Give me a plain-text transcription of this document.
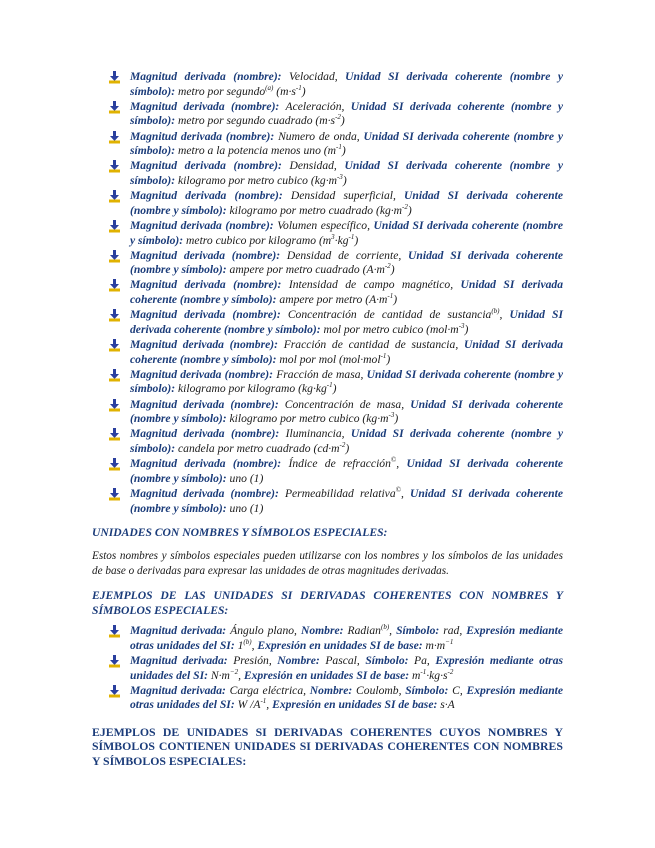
Magnitud derivada (nombre): Velocidad, Unidad SI derivada coherente (nombre y símbolo): metro por segundo$^{(a)}$ $(m\cdot s^{-1})$
Magnitud derivada (nombre): Aceleración, Unidad SI derivada coherente (nombre y símbolo): metro por segundo cuadrado $(m\cdot s^{-2})$
Magnitud derivada (nombre): Numero de onda, Unidad SI derivada coherente (nombre y símbolo): metro a la potencia menos uno $(m^{-1})$
Magnitud derivada (nombre): Densidad, Unidad SI derivada coherente (nombre y símbolo): kilogramo por metro cubico $(kg\cdot m^{-3})$
Magnitud derivada (nombre): Densidad superficial, Unidad SI derivada coherente (nombre y símbolo): kilogramo por metro cuadrado $(kg\cdot m^{-2})$
Magnitud derivada (nombre): Volumen específico, Unidad SI derivada coherente (nombre y símbolo): metro cubico por kilogramo $(m^3\cdot kg^{-1})$
Magnitud derivada (nombre): Densidad de corriente, Unidad SI derivada coherente (nombre y símbolo): ampere por metro cuadrado $(A\cdot m^{-2})$
Magnitud derivada (nombre): Intensidad de campo magnético, Unidad SI derivada coherente (nombre y símbolo): ampere por metro $(A\cdot m^{-1})$
Magnitud derivada (nombre): Concentración de cantidad de sustancia$^{(b)}$, Unidad SI derivada coherente (nombre y símbolo): mol por metro cubico $(mol\cdot m^{-3})$
Magnitud derivada (nombre): Fracción de cantidad de sustancia, Unidad SI derivada coherente (nombre y símbolo): mol por mol (mol·mol$^{-1}$)
Magnitud derivada (nombre): Fracción de masa, Unidad SI derivada coherente (nombre y símbolo): kilogramo por kilogramo $(kg\cdot kg^{-1})$
Magnitud derivada (nombre): Concentración de masa, Unidad SI derivada coherente (nombre y símbolo): kilogramo por metro cubico $(kg\cdot m^{-3})$
Magnitud derivada (nombre): Iluminancia, Unidad SI derivada coherente (nombre y símbolo): candela por metro cuadrado $(cd\cdot m^{-2})$
Magnitud derivada (nombre): Índice de refracción©, Unidad SI derivada coherente (nombre y símbolo): uno (1)
Magnitud derivada (nombre): Permeabilidad relativa©, Unidad SI derivada coherente (nombre y símbolo): uno (1)
UNIDADES CON NOMBRES Y SÍMBOLOS ESPECIALES:
Estos nombres y símbolos especiales pueden utilizarse con los nombres y los símbolos de las unidades de base o derivadas para expresar las unidades de otras magnitudes derivadas.
EJEMPLOS DE LAS UNIDADES SI DERIVADAS COHERENTES CON NOMBRES Y SÍMBOLOS ESPECIALES:
Magnitud derivada: Ángulo plano, Nombre: Radian$^{(b)}$, Símbolo: rad, Expresión mediante otras unidades del SI: 1$^{(b)}$, Expresión en unidades SI de base: $m\cdot m^{-1}$
Magnitud derivada: Presión, Nombre: Pascal, Símbolo: Pa, Expresión mediante otras unidades del SI: $N\cdot m^{-2}$, Expresión en unidades SI de base: $m^{-1}\cdot kg\cdot s^{-2}$
Magnitud derivada: Carga eléctrica, Nombre: Coulomb, Símbolo: C, Expresión mediante otras unidades del SI: W $/A^{-1}$, Expresión en unidades SI de base: s·A
EJEMPLOS DE UNIDADES SI DERIVADAS COHERENTES CUYOS NOMBRES Y SÍMBOLOS CONTIENEN UNIDADES SI DERIVADAS COHERENTES CON NOMBRES Y SÍMBOLOS ESPECIALES:
